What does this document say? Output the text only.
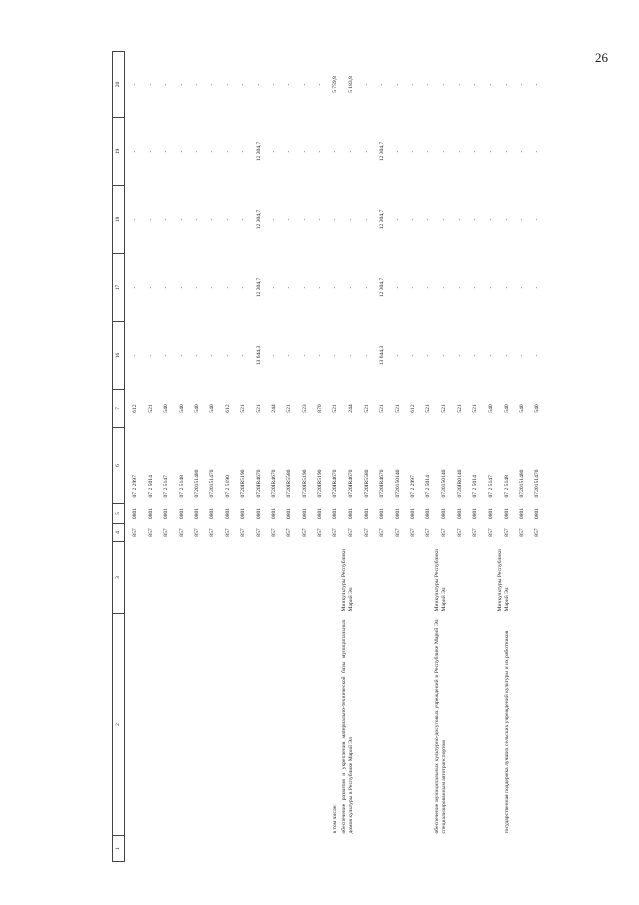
26
1	2	3	4	5	6	7	16	17	18	19	20
			857	0801	07 2 2997	612	-	-	-	-	-
			857	0801	07 2 5014	521	-	-	-	-	-
			857	0801	07 2 5147	540	-	-	-	-	-
			857	0801	07 2 5148	540	-	-	-	-	-
			857	0801	0720151480	540	-	-	-	-	-
			857	0801	0720151470	540	-	-	-	-	-
			857	0801	07 2 5190	612	-	-	-	-	-
			857	0801	0720IR5190	521	-	-	-	-	-
			857	0801	0720IR4670	521	13 644,3	12 304,7	12 304,7	12 304,7	-
			857	0801	0720IR4670	244	-	-	-	-	-
			857	0801	0720IR5580	521	-	-	-	-	-
			857	0801	0720IR5190	523	-	-	-	-	-
			857	0801	0720IR5190	870	-	-	-	-	-
	в том числе:		857	0801	0720IR4670	521	-	-	-	-	5 759,8
	обеспечение развития и укрепления материально-технической базы муниципальных домов культуры в Республике Марий Эл	Минкультуры Республики Марий Эл	857	0801	0720IR4670	244	-	-	-	-	5 183,8
			857	0801	0720IR5580	521	-	-	-	-	-
			857	0801	0720IR4670	521	13 644,3	12 304,7	12 304,7	12 304,7	-
			857	0801	0720150140	521	-	-	-	-	-
			857	0801	07 2 2997	612	-	-	-	-	-
			857	0801	07 2 5014	521	-	-	-	-	-
	обеспечение муниципальных культурно-досуговых учреждений в Республике Марий Эл специализированным автотранспортом	Минкультуры Республики Марий Эл	857	0801	0720150140	521	-	-	-	-	-
			857	0801	0720IR0140	521	-	-	-	-	-
			857	0801	07 2 5014	521	-	-	-	-	-
			857	0801	07 2 5147	540	-	-	-	-	-
	государственная поддержка лучших сельских учреждений культуры и их работников	Минкультуры Республики Марий Эл	857	0801	07 2 5148	540	-	-	-	-	-
			857	0801	0720151480	540	-	-	-	-	-
			857	0801	0720151470	540	-	-	-	-	-
